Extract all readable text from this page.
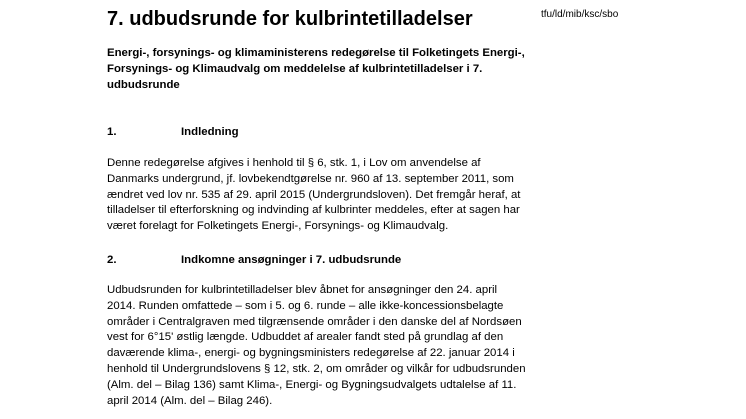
7. udbudsrunde for kulbrintetilladelser	tfu/ld/mib/ksc/sbo
Energi-, forsynings- og klimaministerens redegørelse til Folketingets Energi-,
Forsynings- og Klimaudvalg om meddelelse af kulbrintetilladelser i 7.
udbudsrunde
1.	Indledning

Denne redegørelse afgives i henhold til § 6, stk. 1, i Lov om anvendelse af
Danmarks undergrund, jf. lovbekendtgørelse nr. 960 af 13. september 2011, som
ændret ved lov nr. 535 af 29. april 2015 (Undergrundsloven). Det fremgår heraf, at
tilladelser til efterforskning og indvinding af kulbrinter meddeles, efter at sagen har
været forelagt for Folketingets Energi-, Forsynings- og Klimaudvalg.

2.	Indkomne ansøgninger i 7. udbudsrunde

Udbudsrunden for kulbrintetilladelser blev åbnet for ansøgninger den 24. april
2014. Runden omfattede – som i 5. og 6. runde – alle ikke-koncessionsbelagte
områder i Centralgraven med tilgrænsende områder i den danske del af Nordsøen
vest for 6°15' østlig længde. Udbuddet af arealer fandt sted på grundlag af den
daværende klima-, energi- og bygningsministers redegørelse af 22. januar 2014 i
henhold til Undergrundslovens § 12, stk. 2, om områder og vilkår for udbudsrunden
(Alm. del – Bilag 136) samt Klima-, Energi- og Bygningsudvalgets udtalelse af 11.
april 2014 (Alm. del – Bilag 246).
